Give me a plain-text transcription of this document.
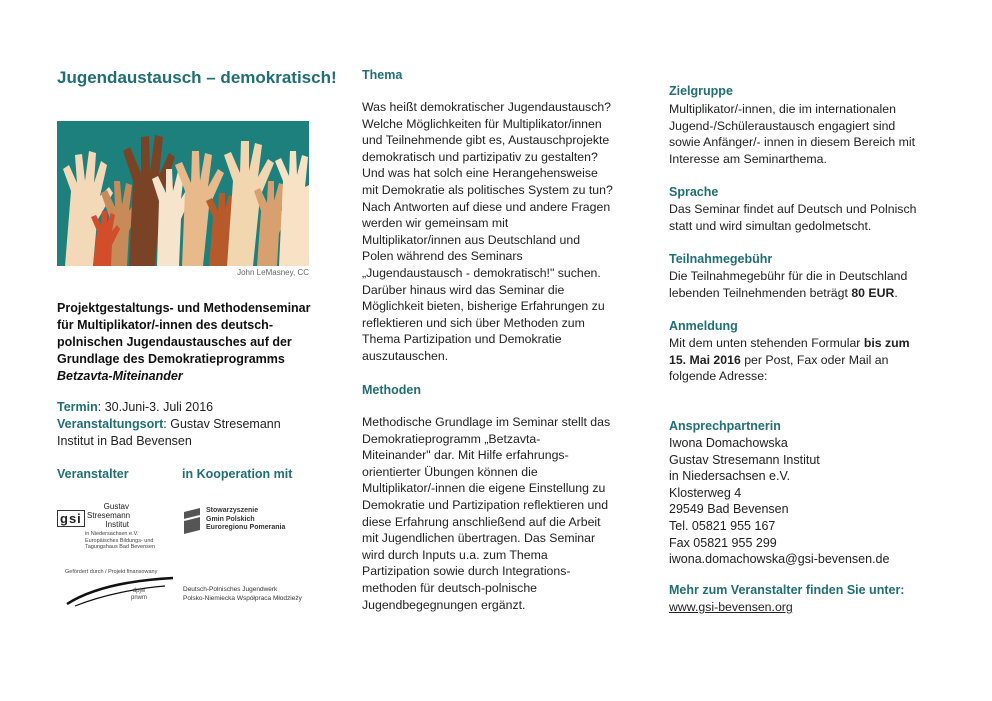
Jugendaustausch – demokratisch!
John LeMasney, CC
Projektgestaltungs- und Methodenseminar
für Multiplikator/-innen des deutsch-
polnischen Jugendaustausches auf der
Grundlage des Demokratieprogramms
Betzavta-Miteinander
Termin: 30.Juni-3. Juli 2016
Veranstaltungsort: Gustav Stresemann
Institut in Bad Bevensen
Veranstalter	in Kooperation mit
gsi
Gustav
Stresemann
Institut
in Niedersachsen e.V.
Europäisches Bildungs- und
Tagungshaus Bad Bevensen
Stowarzyszenie
Gmin Polskich
Euroregionu Pomerania
Gefördert durch / Projekt finansowany
dpjw
pnwm
Deutsch-Polnisches Jugendwerk
Polsko-Niemiecka Współpraca Młodzieży
Thema
Was heißt demokratischer Jugendaustausch?
Welche Möglichkeiten für Multiplikator/innen
und Teilnehmende gibt es, Austauschprojekte
demokratisch und partizipativ zu gestalten?
Und was hat solch eine Herangehensweise
mit Demokratie als politisches System zu tun?
Nach Antworten auf diese und andere Fragen
werden wir gemeinsam mit
Multiplikator/innen aus Deutschland und
Polen während des Seminars
„Jugendaustausch - demokratisch!" suchen.
Darüber hinaus wird das Seminar die
Möglichkeit bieten, bisherige Erfahrungen zu
reflektieren und sich über Methoden zum
Thema Partizipation und Demokratie
auszutauschen.
Methoden
Methodische Grundlage im Seminar stellt das
Demokratieprogramm „Betzavta-
Miteinander" dar. Mit Hilfe erfahrungs-
orientierter Übungen können die
Multiplikator/-innen die eigene Einstellung zu
Demokratie und Partizipation reflektieren und
diese Erfahrung anschließend auf die Arbeit
mit Jugendlichen übertragen. Das Seminar
wird durch Inputs u.a. zum Thema
Partizipation sowie durch Integrations-
methoden für deutsch-polnische
Jugendbegegnungen ergänzt.
Zielgruppe
Multiplikator/-innen, die im internationalen
Jugend-/Schüleraustausch engagiert sind
sowie Anfänger/- innen in diesem Bereich mit
Interesse am Seminarthema.
Sprache
Das Seminar findet auf Deutsch und Polnisch
statt und wird simultan gedolmetscht.
Teilnahmegebühr
Die Teilnahmegebühr für die in Deutschland
lebenden Teilnehmenden beträgt 80 EUR.
Anmeldung
Mit dem unten stehenden Formular bis zum
15. Mai 2016 per Post, Fax oder Mail an
folgende Adresse:
Ansprechpartnerin
Iwona Domachowska
Gustav Stresemann Institut
in Niedersachsen e.V.
Klosterweg 4
29549 Bad Bevensen
Tel. 05821 955 167
Fax 05821 955 299
iwona.domachowska@gsi-bevensen.de
Mehr zum Veranstalter finden Sie unter:
www.gsi-bevensen.org
